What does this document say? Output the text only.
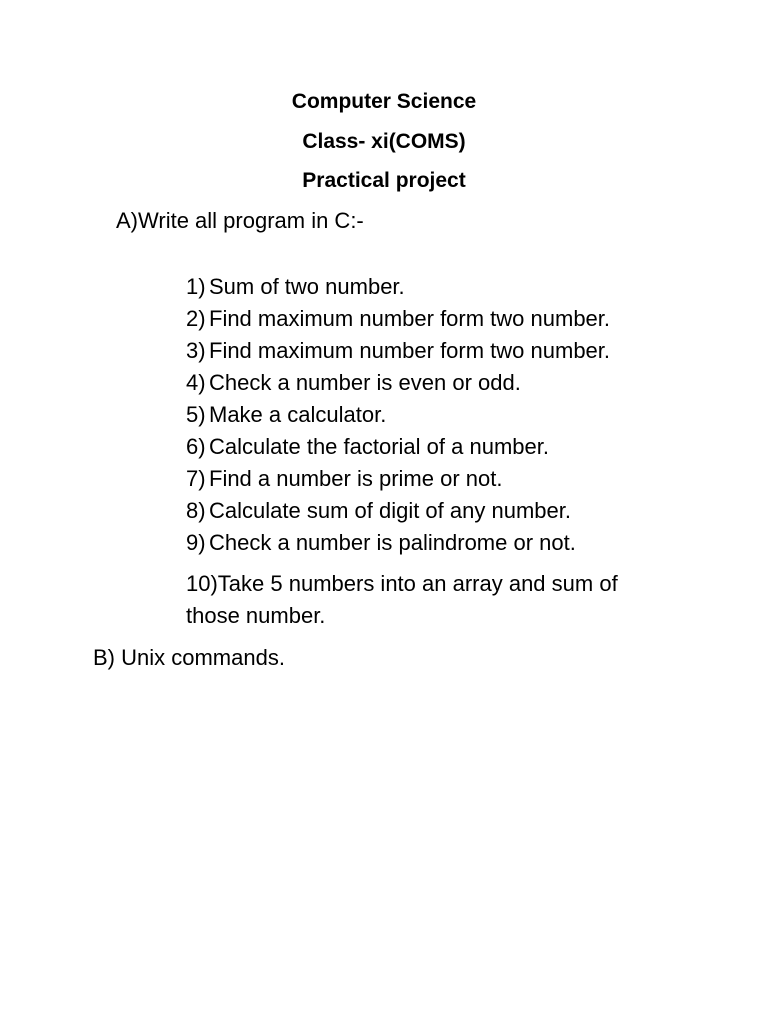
Computer Science
Class- xi(COMS)
Practical project

A)Write all program in C:-

1) Sum of two number.
2) Find maximum number form two number.
3) Find maximum number form two number.
4) Check a number is even or odd.
5) Make a calculator.
6) Calculate the factorial of a number.
7) Find a number is prime or not.
8) Calculate sum of digit of any number.
9) Check a number is palindrome or not.

10)Take 5 numbers into an array and sum of those number.

B) Unix commands.
